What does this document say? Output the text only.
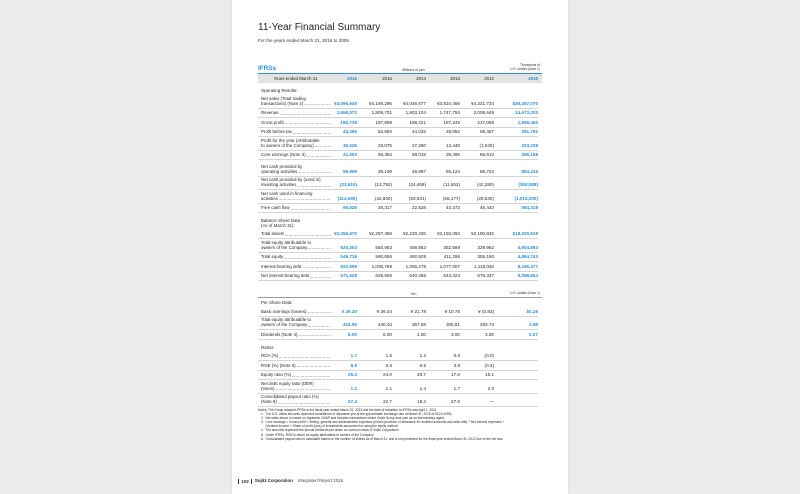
11-Year Financial Summary
For the years ended March 31, 2016 to 2006
IFRSs	Millions of yen
Thousands of
U.S. dollars (Note 1)
Years ended March 31	2016	2015	2014	2013	2012	2016
Operating Results:
Net sales (Total trading
transactions) (Note 2)	¥4,096,649	¥4,166,296	¥4,046,577	¥3,834,456	¥4,321,734	$36,457,070
Revenue	1,658,072	1,809,701	1,803,104	1,747,750	2,006,649	14,673,203
Gross profit	180,739	197,698	198,221	187,245	217,066	1,599,460
Profit before tax	44,269	52,594	44,033	28,052	58,457	391,761
Profit for the year (Attributable
to owners of the Company)	36,526	33,075	27,250	13,448	(1,040)	323,238
Core earnings (Note 3)	41,603	66,354	68,019	38,395	65,612	368,168
Net cash provided by
operating activities	99,909	39,109	46,997	55,124	86,723	884,415
Net cash provided by (used in)
investing activities	(33,910)	(13,792)	(24,469)	(11,652)	(42,280)	(300,088)
Net cash used in financing
activities	(114,695)	(42,600)	(50,931)	(56,177)	(29,530)	(1,015,000)
Free cash flow	66,028	25,317	22,528	43,472	46,443	584,318
Balance Sheet Data
(As of March 31):
Total assets	¥2,056,670	¥2,297,358	¥2,220,236	¥2,150,050	¥2,190,832	$18,200,619
Total equity attributable to
owners of the Company	520,303	550,983	459,853	382,589	329,962	4,604,893
Total equity	549,716	590,656	492,929	411,298	355,180	4,864,743
Interest-bearing debt	922,699	1,036,769	1,065,276	1,077,007	1,118,046	8,165,477
Net interest-bearing debt	571,628	629,556	640,266	643,323	676,337	5,058,654
Yen	U.S. dollars (Note 1)
Per Share Data:
Basic earnings (losses)	¥ 29.20	¥ 26.44	¥ 21.78	¥ 10.75	¥ (0.83)	$0.25
Total equity attributable to
owners of the Company	415.95	440.43	367.58	305.81	263.74	3.68
Dividends (Note 4)	8.00	6.00	4.00	3.00	3.00	0.07
Ratios
ROA (%)	1.7	1.5	1.2	0.6	(0.0)
ROE (%) (Note 5)	6.8	6.5	6.5	3.8	(0.3)
Equity ratio (%)	25.3	24.0	20.7	17.8	15.1
Net debt equity ratio (DER)
(times)	1.1	1.1	1.4	1.7	2.0
Consolidated payout ratio (%)
(Note 6)	27.4	22.7	18.4	27.9	—
Notes: The Group adopted IFRSs in the fiscal year ended March 31, 2013 and the date of transition to IFRSs was April 1, 2011.
1. The U.S. dollar amounts represent translations of Japanese yen at the approximate exchange rate at March 31, 2016 of ¥113=US$1.
2. Net sales above is based on Japanese GAAP and includes transactions where Sojitz Group took part as an intermediary agent.
3. Core earnings = Gross profit + Selling, general and administrative expenses (before provision of allowance for doubtful accounts and write-offs) + Net interest expenses +
Dividend income + Share of profit (loss) of investments accounted for using the equity method
4. The amounts represent the annual dividends per share on common stock of Sojitz Corporation.
5. Under IFRSs, ROE is return on equity attributable to owners of the Company.
6. Consolidated payout ratio is calculated based on the number of shares as of March 31, and is not presented for the fiscal year ended March 31, 2012 due to the net loss.
102	Sojitz Corporation Integrated Report 2016
